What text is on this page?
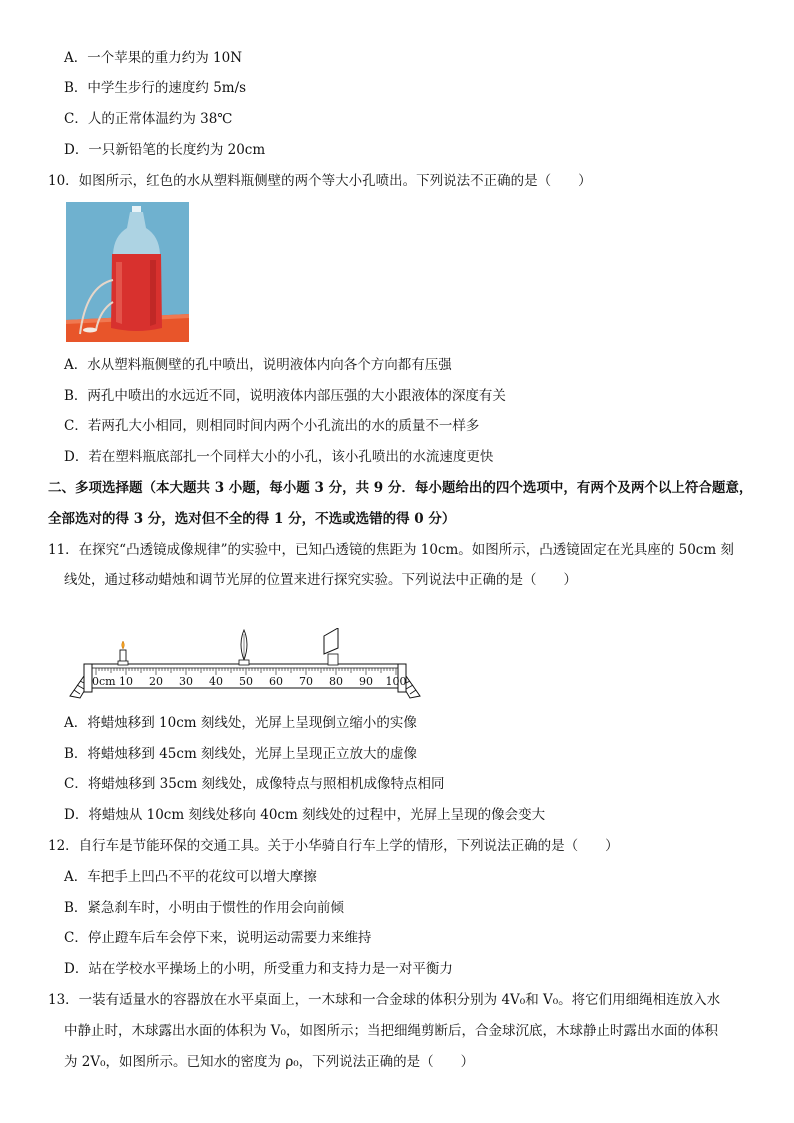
A．一个苹果的重力约为 10N
B．中学生步行的速度约 5m/s
C．人的正常体温约为 38℃
D．一只新铅笔的长度约为 20cm
10．如图所示，红色的水从塑料瓶侧壁的两个等大小孔喷出。下列说法不正确的是（　　）
A．水从塑料瓶侧壁的孔中喷出，说明液体内向各个方向都有压强
B．两孔中喷出的水远近不同，说明液体内部压强的大小跟液体的深度有关
C．若两孔大小相同，则相同时间内两个小孔流出的水的质量不一样多
D．若在塑料瓶底部扎一个同样大小的小孔，该小孔喷出的水流速度更快
二、多项选择题（本大题共 3 小题，每小题 3 分，共 9 分．每小题给出的四个选项中，有两个及两个以上符合题意，
全部选对的得 3 分，选对但不全的得 1 分，不选或选错的得 0 分）
11．在探究“凸透镜成像规律”的实验中，已知凸透镜的焦距为 10cm。如图所示，凸透镜固定在光具座的 50cm 刻
线处，通过移动蜡烛和调节光屏的位置来进行探究实验。下列说法中正确的是（　　）
0cm 10 20 30 40 50 60 70 80 90 100
A．将蜡烛移到 10cm 刻线处，光屏上呈现倒立缩小的实像
B．将蜡烛移到 45cm 刻线处，光屏上呈现正立放大的虚像
C．将蜡烛移到 35cm 刻线处，成像特点与照相机成像特点相同
D．将蜡烛从 10cm 刻线处移向 40cm 刻线处的过程中，光屏上呈现的像会变大
12．自行车是节能环保的交通工具。关于小华骑自行车上学的情形，下列说法正确的是（　　）
A．车把手上凹凸不平的花纹可以增大摩擦
B．紧急刹车时，小明由于惯性的作用会向前倾
C．停止蹬车后车会停下来，说明运动需要力来维持
D．站在学校水平操场上的小明，所受重力和支持力是一对平衡力
13．一装有适量水的容器放在水平桌面上，一木球和一合金球的体积分别为 4V₀和 V₀。将它们用细绳相连放入水
中静止时，木球露出水面的体积为 V₀，如图所示；当把细绳剪断后，合金球沉底，木球静止时露出水面的体积
为 2V₀，如图所示。已知水的密度为 ρ₀，下列说法正确的是（　　）
